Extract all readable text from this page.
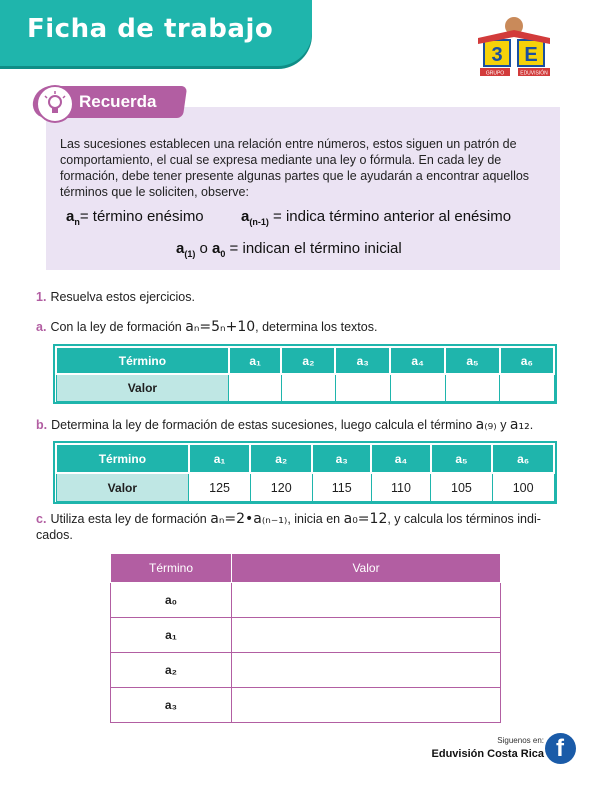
Ficha de trabajo
3 E
GRUPO	EDUVISIÓN
Recuerda
Las sucesiones establecen una relación entre números, estos siguen un patrón de comportamiento, el cual se expresa mediante una ley o fórmula. En cada ley de formación, debe tener presente algunas partes que le ayudarán a encontrar aquellos términos que le soliciten, observe:
$a_n=$ término enésimo $a_{(n-1)}$ = indica término anterior al enésimo
$a_{(1)}$ o $a_0$ = indican el término inicial
1. Resuelva estos ejercicios.
a. Con la ley de formación aₙ=5ₙ+10, determina los textos.
Término	a₁	a₂	a₃	a₄	a₅	a₆
Valor						
b. Determina la ley de formación de estas sucesiones, luego calcula el término a₍₉₎ y a₁₂.
Término	a₁	a₂	a₃	a₄	a₅	a₆
Valor	125	120	115	110	105	100
c. Utiliza esta ley de formación aₙ=2•a₍ₙ₋₁₎, inicia en a₀=12, y calcula los términos indi-cados.
Término	Valor
a₀	
a₁	
a₂	
a₃	
Siguenos en:
Eduvisión Costa Rica f
